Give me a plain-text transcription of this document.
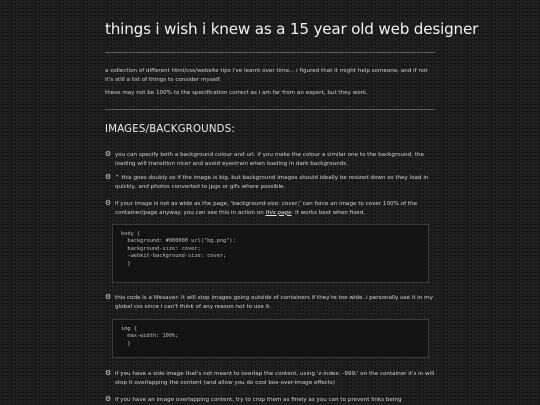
things i wish i knew as a 15 year old web designer
a collection of different html/css/website tips i've learnt over time... i figured that it might help someone, and if not it's still a list of things to consider myself.
these may not be 100% to the specification correct as i am far from an expert, but they work.
IMAGES/BACKGROUNDS:
⚙ you can specify both a background colour and url. if you make the colour a similar one to the background, the loading will transition nicer and avoid eyestrain when loading in dark backgrounds.
⚙ ^ this goes doubly so if the image is big. but background images should ideally be resized down so they load in quickly, and photos converted to jpgs or gifs where possible.
⚙ if your image is not as wide as the page, 'background-size: cover;' can force an image to cover 100% of the container/page anyway. you can see this in action on this page. it works best when fixed.
body {
background: #000000 url("bg.png");
background-size: cover;
-webkit-background-size: cover;
}
⚙ this code is a lifesaver- it will stop images going outside of containers if they're too wide. i personally use it in my global css since i can't think of any reason not to use it.
img {
max-width: 100%;
}
⚙ if you have a side image that's not meant to overlap the content, using 'z-index: -999;' on the container it's in will stop it overlapping the content (and allow you do cool box-over-image effects)
⚙ if you have an image overlapping content, try to crop them as finely as you can to prevent links being
